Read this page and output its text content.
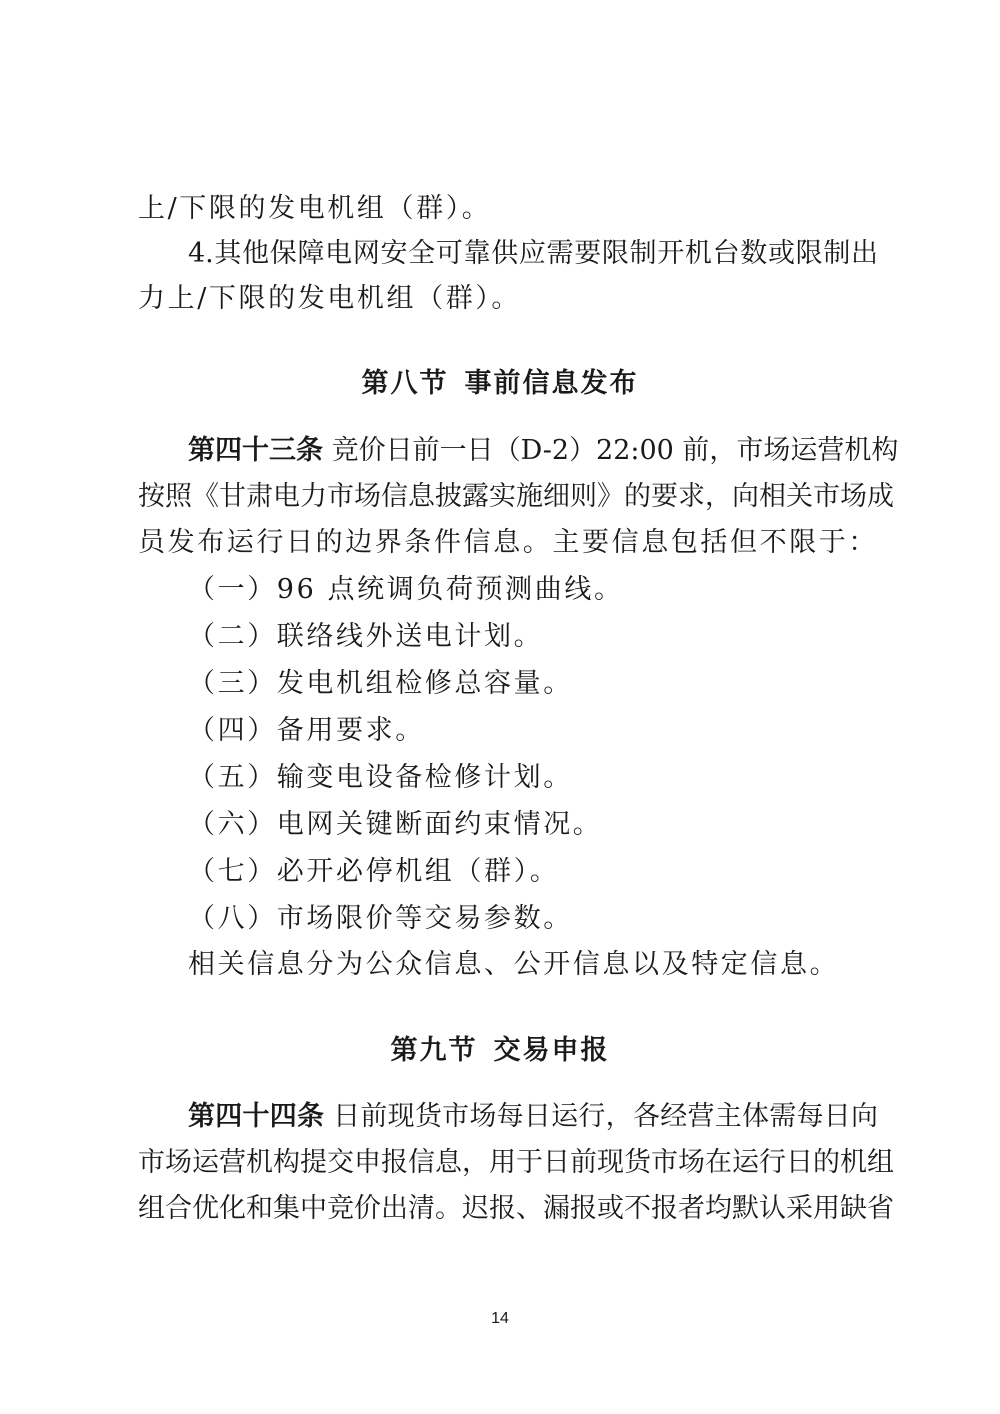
上/下限的发电机组（群）。
4.其他保障电网安全可靠供应需要限制开机台数或限制出
力上/下限的发电机组（群）。
第八节 事前信息发布
第四十三条 竞价日前一日（D-2）22:00 前，市场运营机构
按照《甘肃电力市场信息披露实施细则》的要求，向相关市场成
员发布运行日的边界条件信息。主要信息包括但不限于：
（一）96 点统调负荷预测曲线。
（二）联络线外送电计划。
（三）发电机组检修总容量。
（四）备用要求。
（五）输变电设备检修计划。
（六）电网关键断面约束情况。
（七）必开必停机组（群）。
（八）市场限价等交易参数。
相关信息分为公众信息、公开信息以及特定信息。
第九节 交易申报
第四十四条 日前现货市场每日运行，各经营主体需每日向
市场运营机构提交申报信息，用于日前现货市场在运行日的机组
组合优化和集中竞价出清。迟报、漏报或不报者均默认采用缺省
14
